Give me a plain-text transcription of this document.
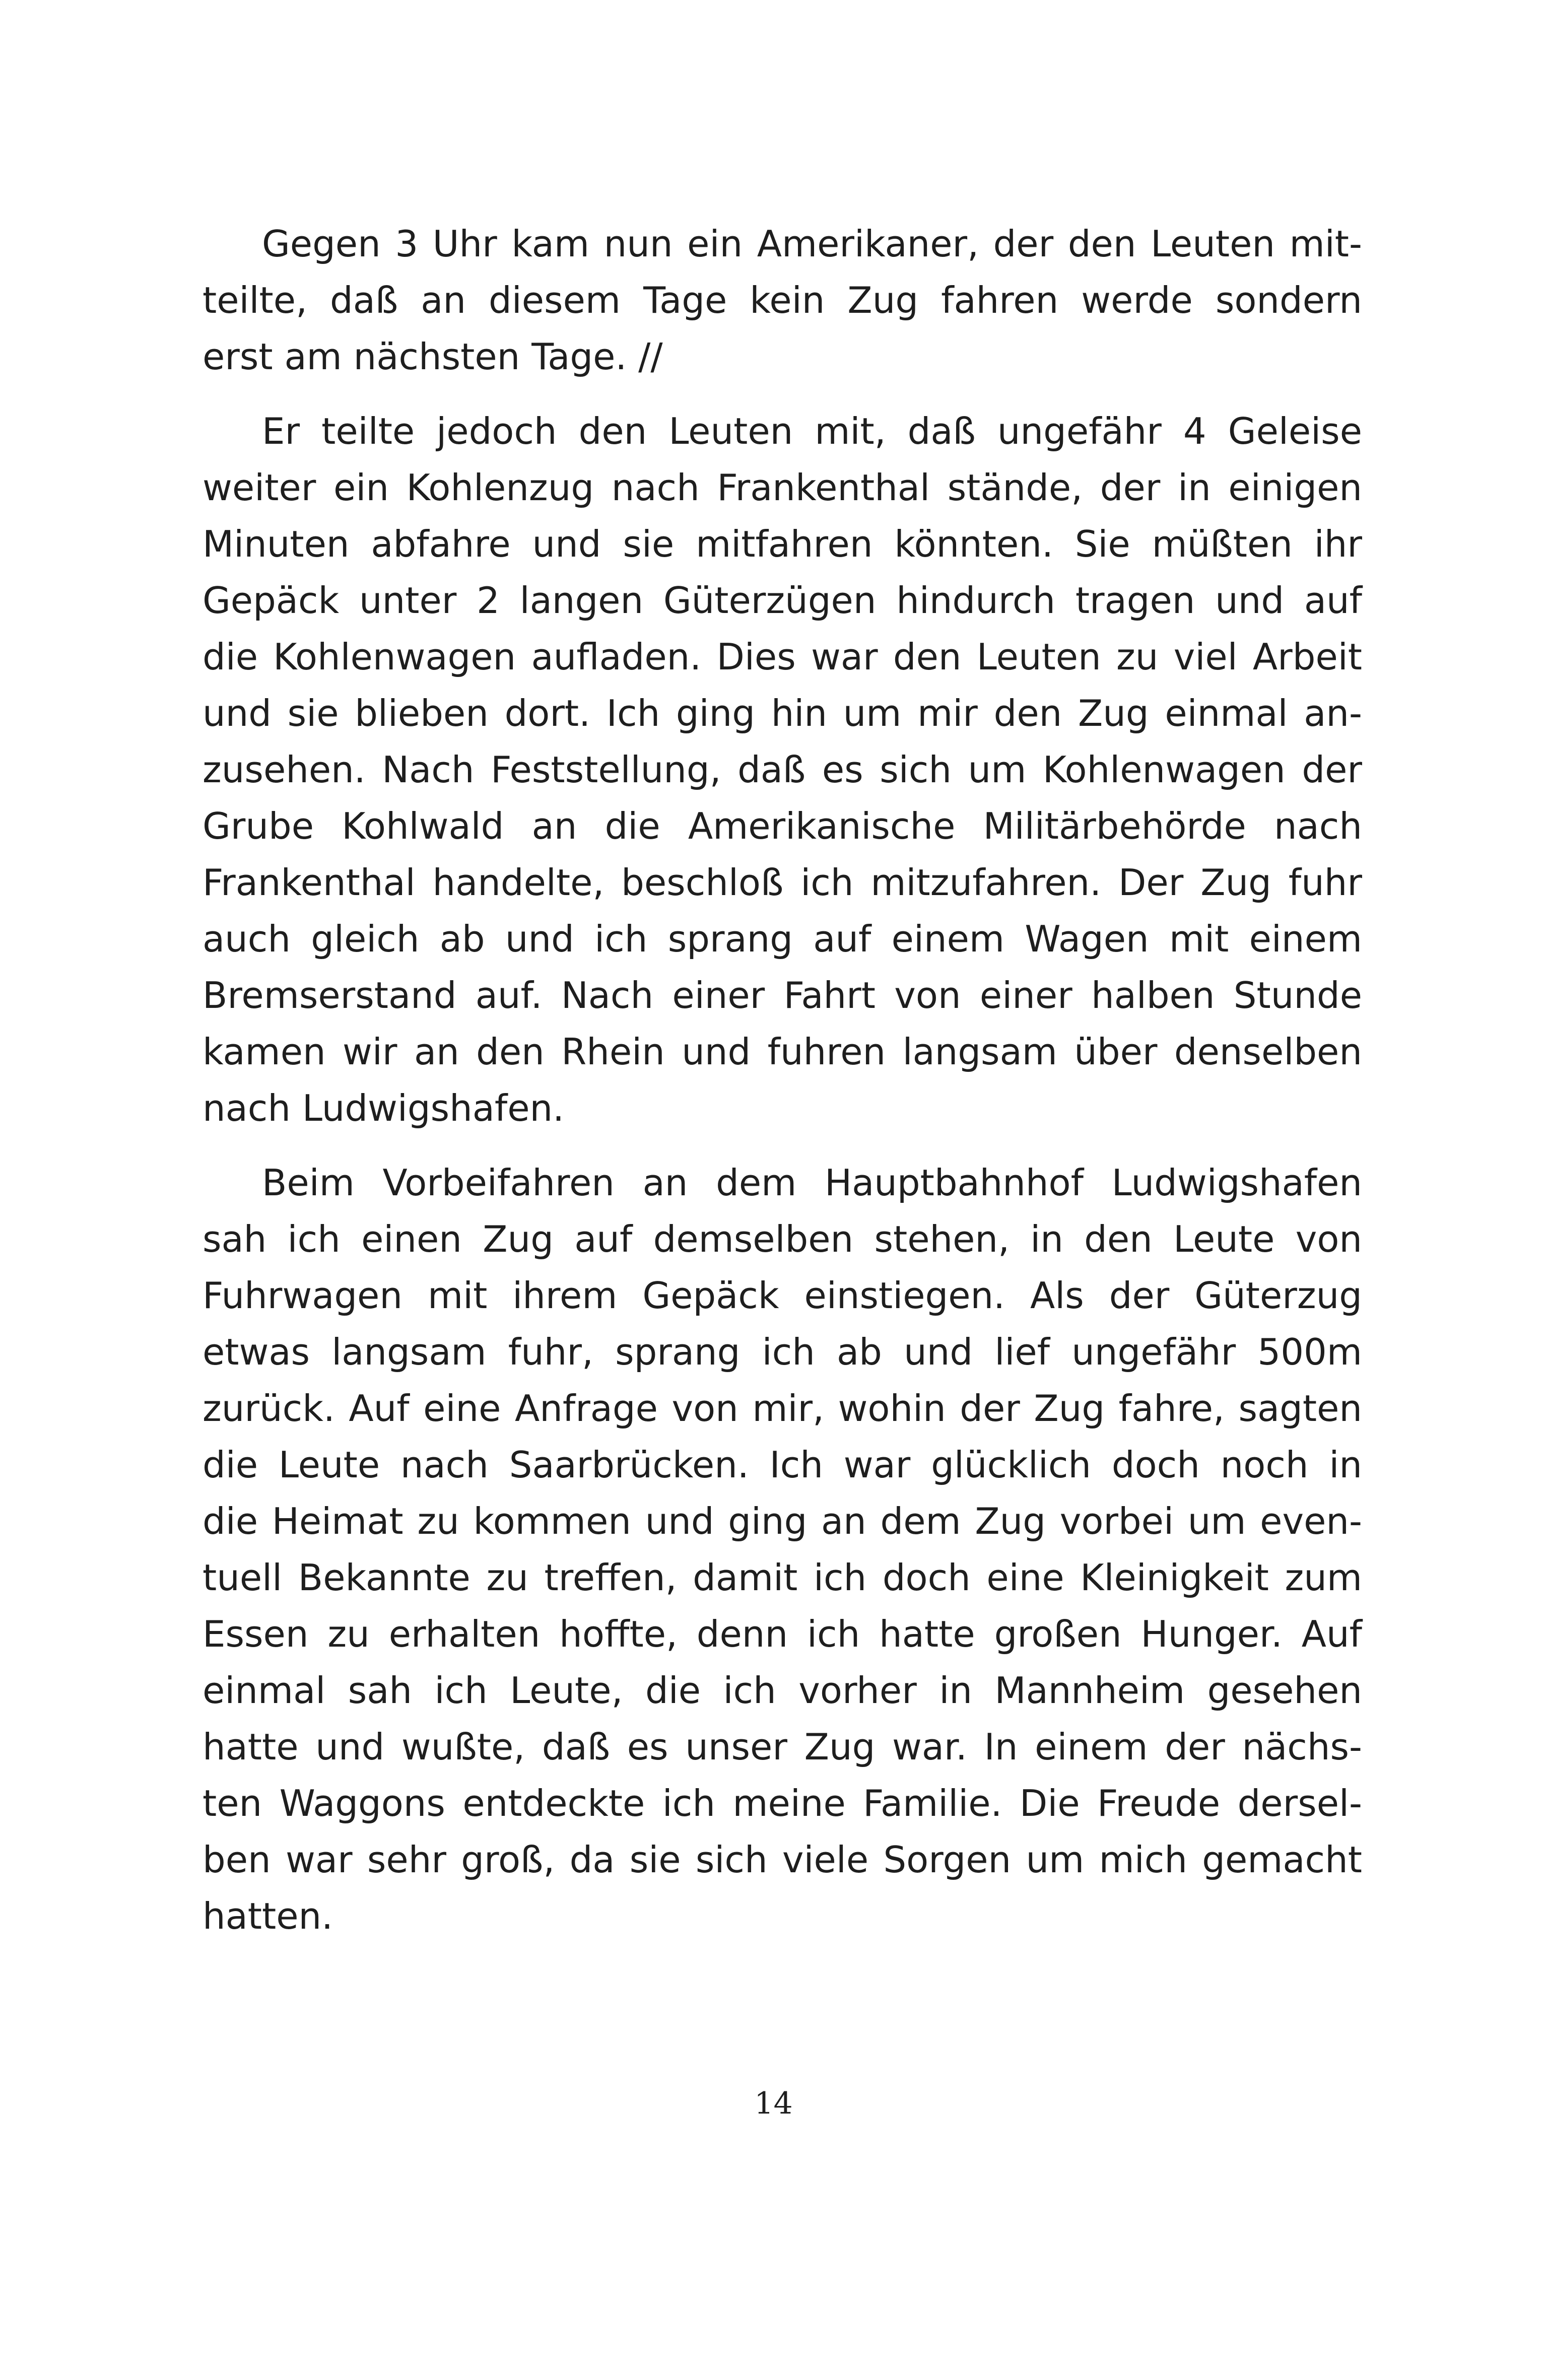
Gegen 3 Uhr kam nun ein Amerikaner, der den Leuten mit-
teilte, daß an diesem Tage kein Zug fahren werde sondern
erst am nächsten Tage. //
Er teilte jedoch den Leuten mit, daß ungefähr 4 Geleise
weiter ein Kohlenzug nach Frankenthal stände, der in einigen
Minuten abfahre und sie mitfahren könnten. Sie müßten ihr
Gepäck unter 2 langen Güterzügen hindurch tragen und auf
die Kohlenwagen aufladen. Dies war den Leuten zu viel Arbeit
und sie blieben dort. Ich ging hin um mir den Zug einmal an-
zusehen. Nach Feststellung, daß es sich um Kohlenwagen der
Grube Kohlwald an die Amerikanische Militärbehörde nach
Frankenthal handelte, beschloß ich mitzufahren. Der Zug fuhr
auch gleich ab und ich sprang auf einem Wagen mit einem
Bremserstand auf. Nach einer Fahrt von einer halben Stunde
kamen wir an den Rhein und fuhren langsam über denselben
nach Ludwigshafen.
Beim Vorbeifahren an dem Hauptbahnhof Ludwigshafen
sah ich einen Zug auf demselben stehen, in den Leute von
Fuhrwagen mit ihrem Gepäck einstiegen. Als der Güterzug
etwas langsam fuhr, sprang ich ab und lief ungefähr 500m
zurück. Auf eine Anfrage von mir, wohin der Zug fahre, sagten
die Leute nach Saarbrücken. Ich war glücklich doch noch in
die Heimat zu kommen und ging an dem Zug vorbei um even-
tuell Bekannte zu treffen, damit ich doch eine Kleinigkeit zum
Essen zu erhalten hoffte, denn ich hatte großen Hunger. Auf
einmal sah ich Leute, die ich vorher in Mannheim gesehen
hatte und wußte, daß es unser Zug war. In einem der nächs-
ten Waggons entdeckte ich meine Familie. Die Freude dersel-
ben war sehr groß, da sie sich viele Sorgen um mich gemacht
hatten.
14
